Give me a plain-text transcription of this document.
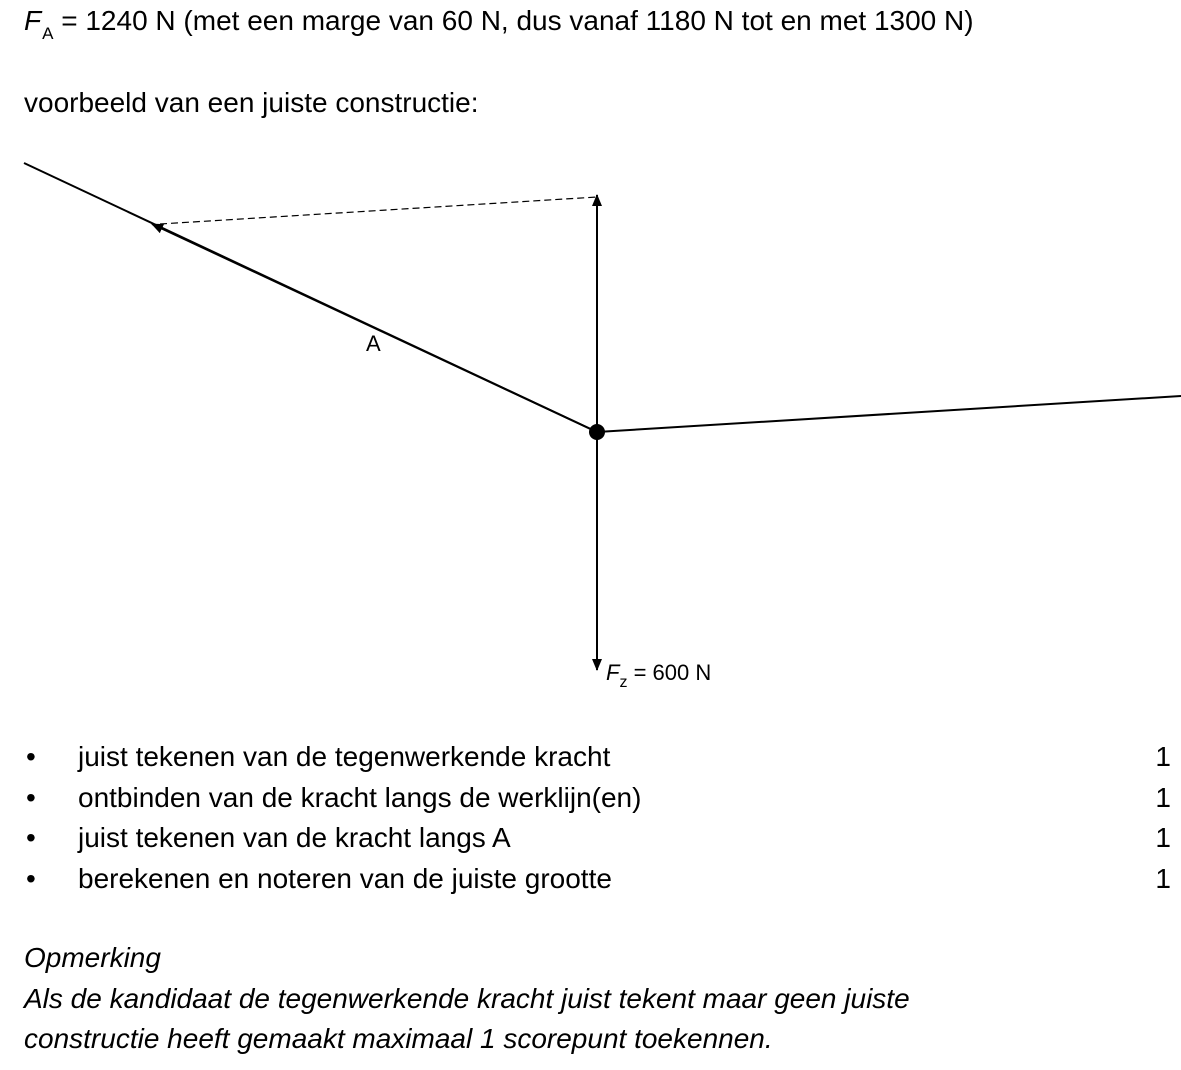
$F_A = 1240$ N (met een marge van 60 N, dus vanaf 1180 N tot en met 1300 N)
voorbeeld van een juiste constructie:
A
$F_z = 600$ N
• juist tekenen van de tegenwerkende kracht	1
• ontbinden van de kracht langs de werklijn(en)	1
• juist tekenen van de kracht langs A	1
• berekenen en noteren van de juiste grootte	1
Opmerking
Als de kandidaat de tegenwerkende kracht juist tekent maar geen juiste
constructie heeft gemaakt maximaal 1 scorepunt toekennen.
